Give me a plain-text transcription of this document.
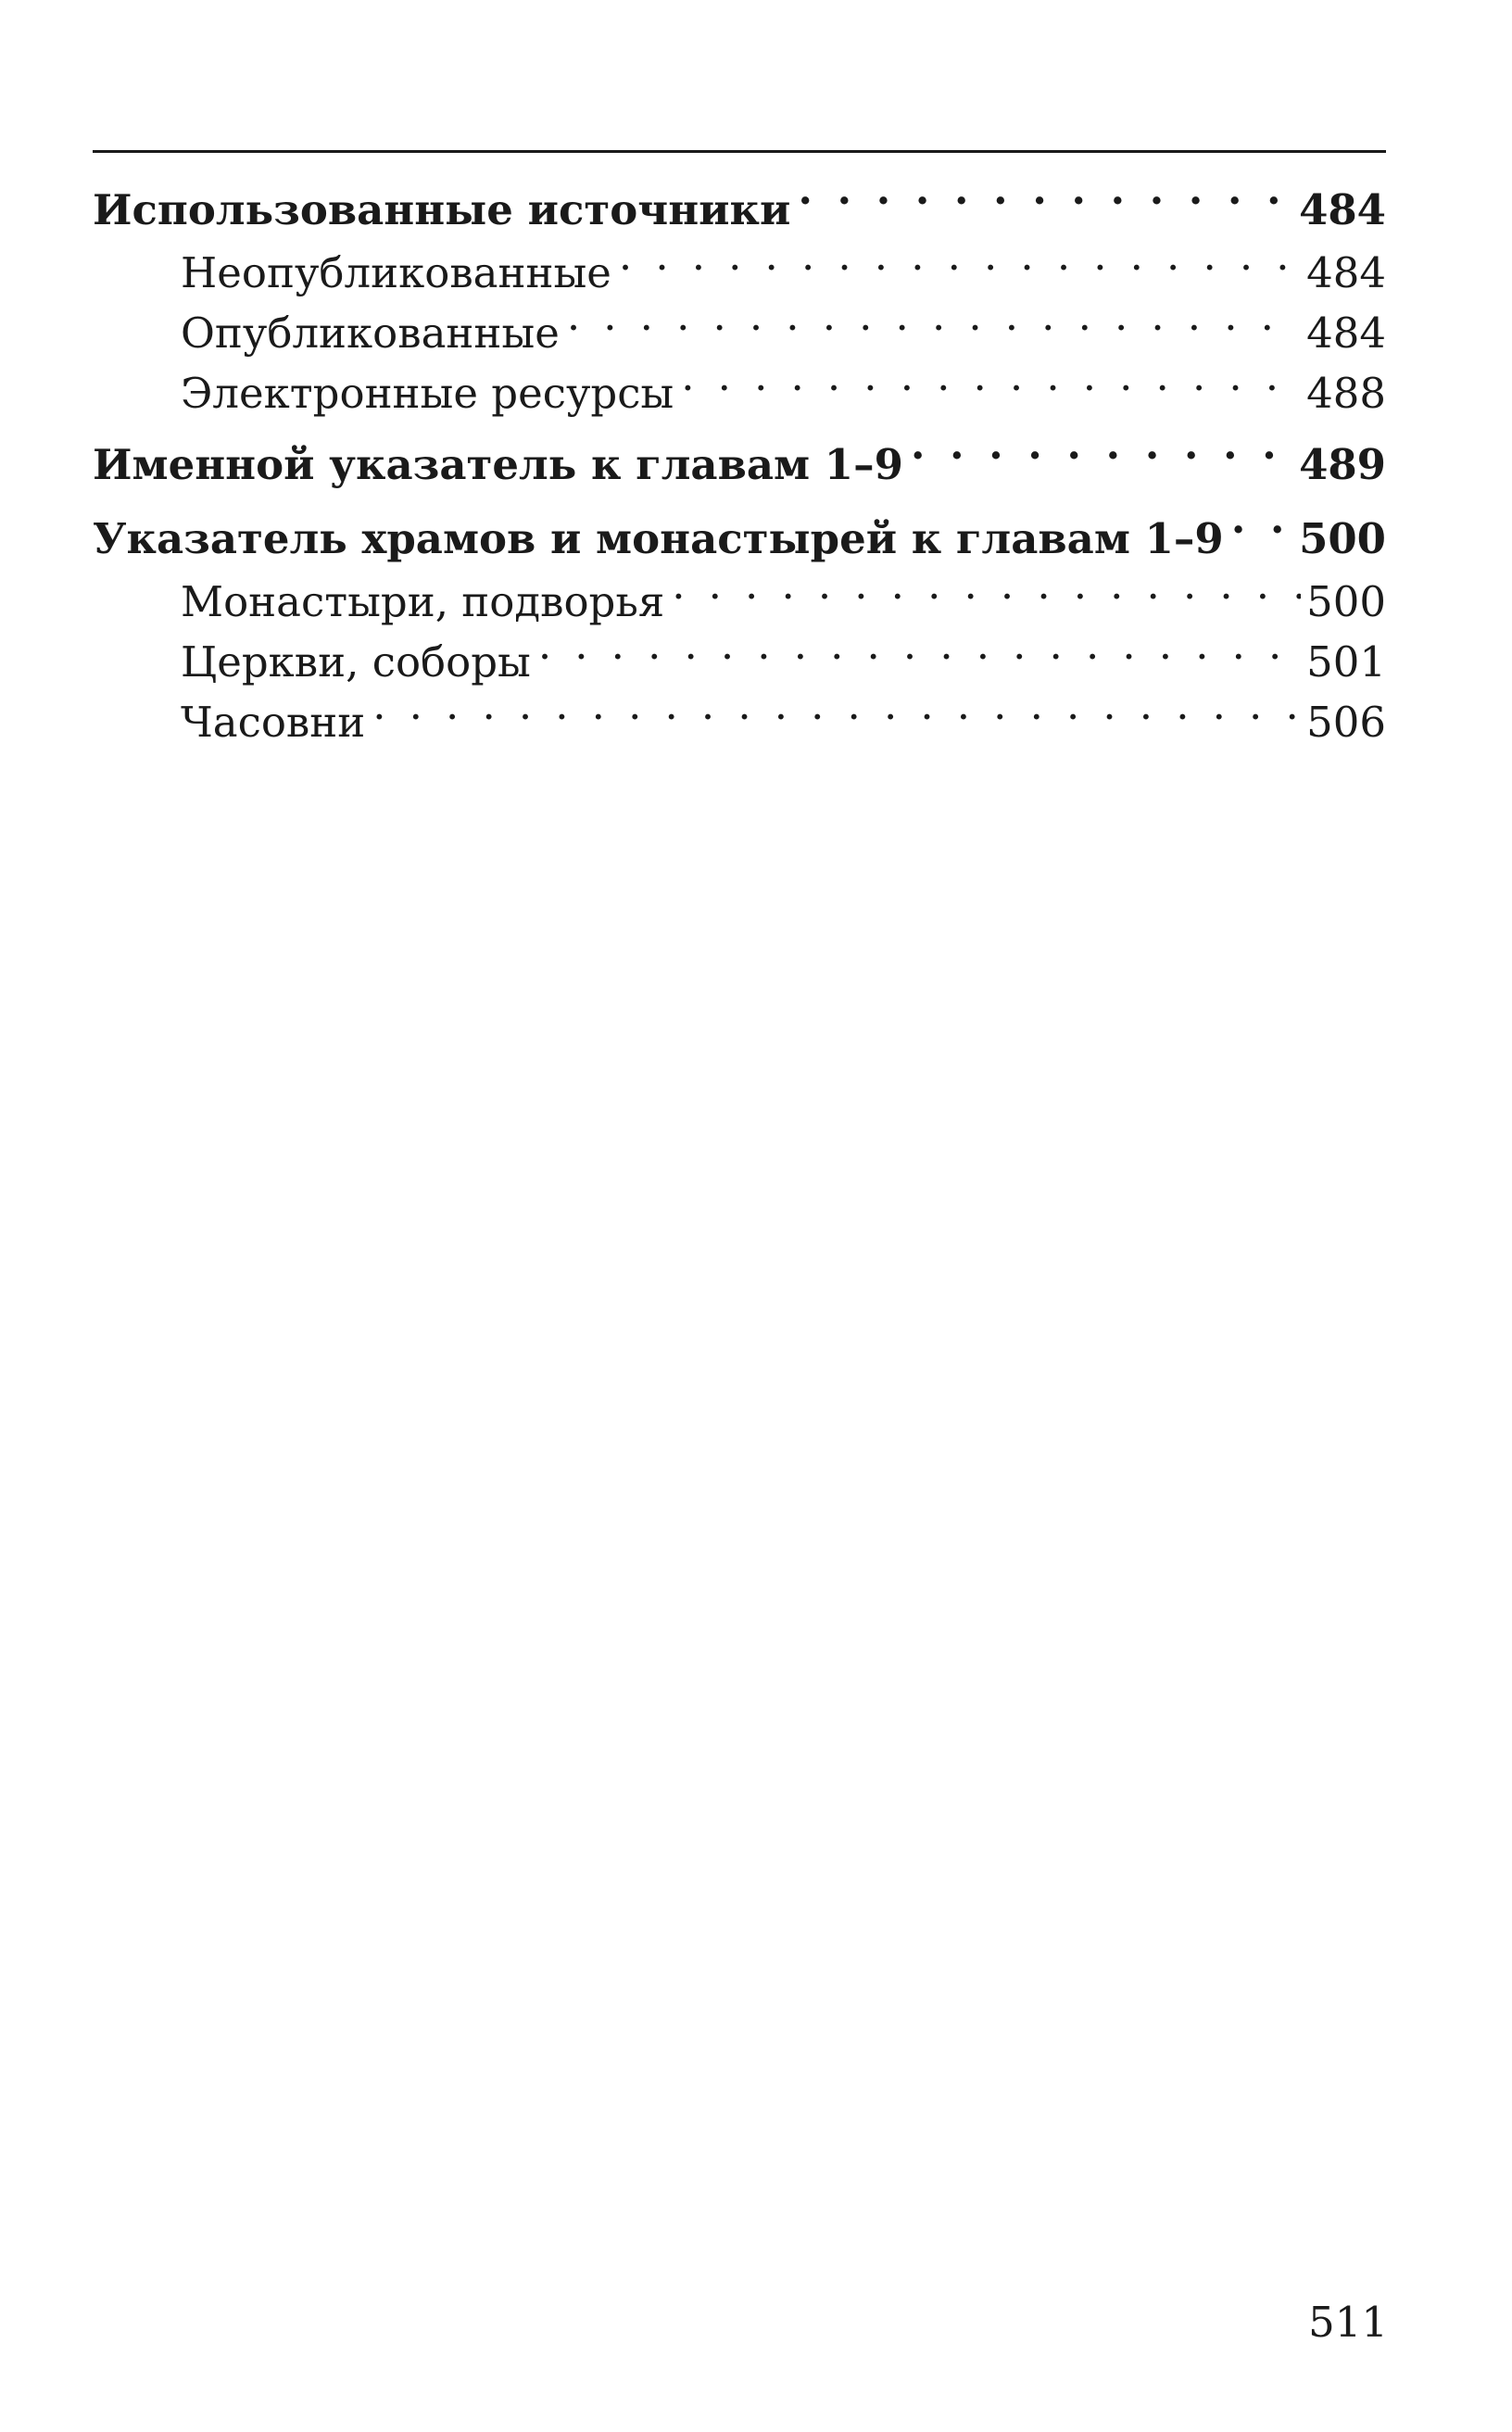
Использованные источники . . .	484
Неопубликованные . . .	484
Опубликованные . . .	484
Электронные ресурсы . . .	488
Именной указатель к главам 1–9 . . .	489
Указатель храмов и монастырей к главам 1–9 . . . 500
Монастыри, подворья . . .	500
Церкви, соборы . . .	501
Часовни . . .	506
511
